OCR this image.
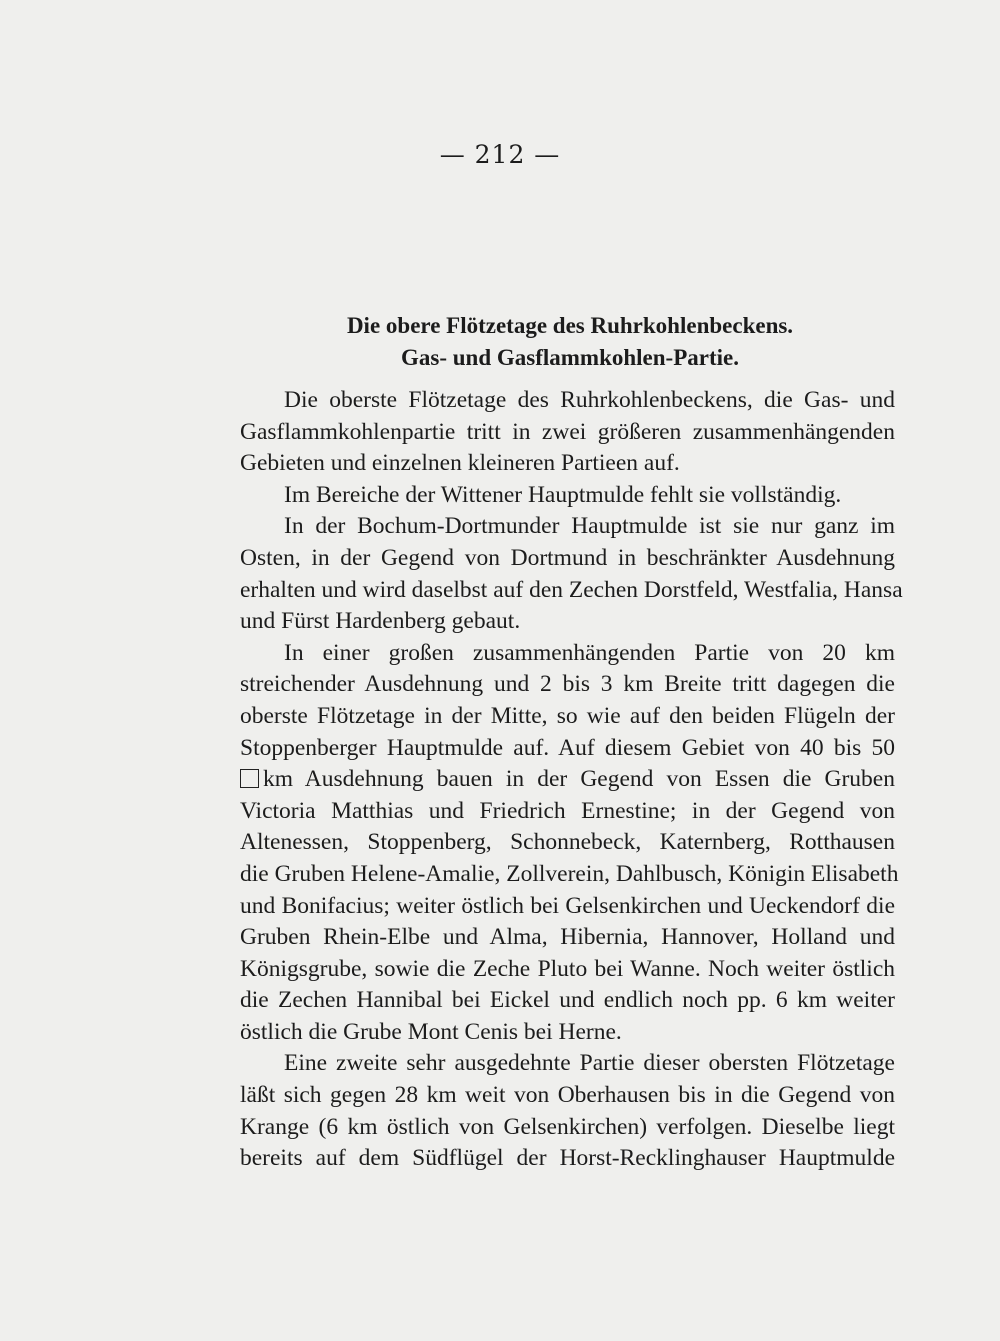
— 212 —
Die obere Flötzetage des Ruhrkohlenbeckens.
Gas- und Gasflammkohlen-Partie.
Die oberste Flötzetage des Ruhrkohlenbeckens, die Gas- und
Gasflammkohlenpartie tritt in zwei größeren zusammenhängenden
Gebieten und einzelnen kleineren Partieen auf.
Im Bereiche der Wittener Hauptmulde fehlt sie vollständig.
In der Bochum-Dortmunder Hauptmulde ist sie nur ganz im
Osten, in der Gegend von Dortmund in beschränkter Ausdehnung
erhalten und wird daselbst auf den Zechen Dorstfeld, Westfalia, Hansa
und Fürst Hardenberg gebaut.
In einer großen zusammenhängenden Partie von 20 km
streichender Ausdehnung und 2 bis 3 km Breite tritt dagegen die
oberste Flötzetage in der Mitte, so wie auf den beiden Flügeln der
Stoppenberger Hauptmulde auf. Auf diesem Gebiet von 40 bis 50
km Ausdehnung bauen in der Gegend von Essen die Gruben
Victoria Matthias und Friedrich Ernestine; in der Gegend von
Altenessen, Stoppenberg, Schonnebeck, Katernberg, Rotthausen
die Gruben Helene-Amalie, Zollverein, Dahlbusch, Königin Elisabeth
und Bonifacius; weiter östlich bei Gelsenkirchen und Ueckendorf die
Gruben Rhein-Elbe und Alma, Hibernia, Hannover, Holland und
Königsgrube, sowie die Zeche Pluto bei Wanne. Noch weiter östlich
die Zechen Hannibal bei Eickel und endlich noch pp. 6 km weiter
östlich die Grube Mont Cenis bei Herne.
Eine zweite sehr ausgedehnte Partie dieser obersten Flötzetage
läßt sich gegen 28 km weit von Oberhausen bis in die Gegend von
Krange (6 km östlich von Gelsenkirchen) verfolgen. Dieselbe liegt
bereits auf dem Südflügel der Horst-Recklinghauser Hauptmulde
